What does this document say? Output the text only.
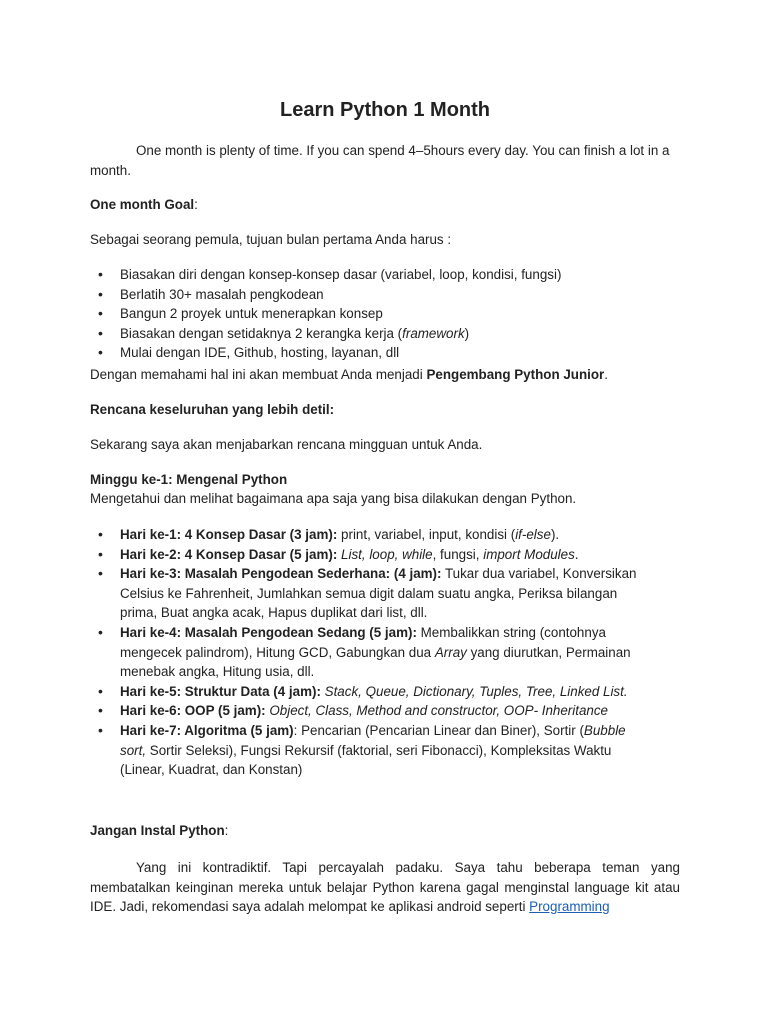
Learn Python 1 Month

One month is plenty of time. If you can spend 4–5hours every day. You can finish a lot in a month.

One month Goal:

Sebagai seorang pemula, tujuan bulan pertama Anda harus :

• Biasakan diri dengan konsep-konsep dasar (variabel, loop, kondisi, fungsi)
• Berlatih 30+ masalah pengkodean
• Bangun 2 proyek untuk menerapkan konsep
• Biasakan dengan setidaknya 2 kerangka kerja (framework)
• Mulai dengan IDE, Github, hosting, layanan, dll

Dengan memahami hal ini akan membuat Anda menjadi Pengembang Python Junior.

Rencana keseluruhan yang lebih detil:

Sekarang saya akan menjabarkan rencana mingguan untuk Anda.

Minggu ke-1: Mengenal Python

Mengetahui dan melihat bagaimana apa saja yang bisa dilakukan dengan Python.

• Hari ke-1: 4 Konsep Dasar (3 jam): print, variabel, input, kondisi (if-else).
• Hari ke-2: 4 Konsep Dasar (5 jam): List, loop, while, fungsi, import Modules.
• Hari ke-3: Masalah Pengodean Sederhana: (4 jam): Tukar dua variabel, Konversikan Celsius ke Fahrenheit, Jumlahkan semua digit dalam suatu angka, Periksa bilangan prima, Buat angka acak, Hapus duplikat dari list, dll.
• Hari ke-4: Masalah Pengodean Sedang (5 jam): Membalikkan string (contohnya mengecek palindrom), Hitung GCD, Gabungkan dua Array yang diurutkan, Permainan menebak angka, Hitung usia, dll.
• Hari ke-5: Struktur Data (4 jam): Stack, Queue, Dictionary, Tuples, Tree, Linked List.
• Hari ke-6: OOP (5 jam): Object, Class, Method and constructor, OOP- Inheritance
• Hari ke-7: Algoritma (5 jam): Pencarian (Pencarian Linear dan Biner), Sortir (Bubble sort, Sortir Seleksi), Fungsi Rekursif (faktorial, seri Fibonacci), Kompleksitas Waktu (Linear, Kuadrat, dan Konstan)

Jangan Instal Python:

Yang ini kontradiktif. Tapi percayalah padaku. Saya tahu beberapa teman yang membatalkan keinginan mereka untuk belajar Python karena gagal menginstal language kit atau IDE. Jadi, rekomendasi saya adalah melompat ke aplikasi android seperti Programming
